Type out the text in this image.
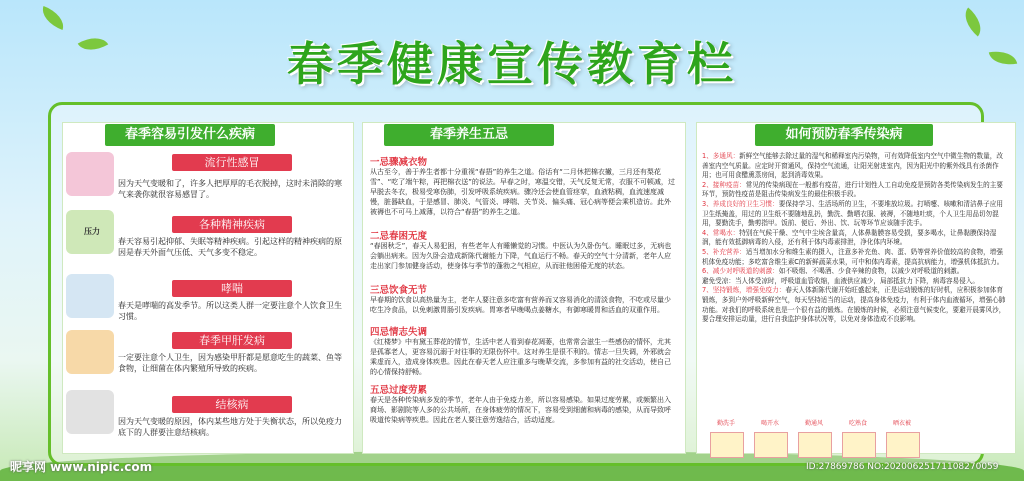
春季健康宣传教育栏
春季容易引发什么疾病
流行性感冒
因为天气变暖和了，许多人把厚厚的毛衣脱掉，这时未消除的寒气来袭你就很容易感冒了。
压力
各种精神疾病
春天容易引起抑郁、失眠等精神疾病。引起这样的精神疾病的原因是春天外面气压低、天气多变不稳定。
哮喘
春天是哮喘的高发季节。所以这类人群一定要注意个人饮食卫生习惯。
春季甲肝发病
一定要注意个人卫生，因为感染甲肝都是愿意吃生的蔬菜、鱼等食物，让细菌在体内繁殖所导致的疾病。
结核病
因为天气变暖的原因，体内某些地方处于失衡状态，所以免疫力底下的人群要注意结核病。
春季养生五忌
一忌骤减衣物
从古至今，善于养生者都十分重视“春捂”的养生之道。俗话有“二月休把棉衣撇，三月还有梨花雪”、“吃了端午粽，再把棉衣送”的说法。早春之时，寒温交错，天气反复无常，衣服不可顿减，过早脱去冬衣，极易受寒伤肺，引发呼吸系统疾病。骤冷还会使血管痉挛，血液粘稠，血流速度减慢，脏器缺血，于是感冒、肺炎、气管炎、哮喘、关节炎、偏头痛、冠心病等便会乘机造访。此外被褥也不可马上减薄，以符合“春捂”的养生之道。
二忌春困无度
“春困秋乏”，春天人易犯困，有些老年人有睡懒觉的习惯。中医认为久卧伤气。睡眠过多，无病也会躺出病来。因为久卧会造成新陈代谢能力下降，气血运行不畅。春天的空气十分清新，老年人应走出家门参加健身活动，使身体与季节的蓬勃之气相应，从而驻他困倦无度的状态。
三忌饮食无节
早春期的饮食以高热量为主，老年人要注意多吃富有营养而又容易消化的清淡食物，不吃或尽量少吃生冷食品，以免刺激胃肠引发疾病。胃寒者早晚喝点姜糖水，有御寒暖胃和活血的双重作用。
四忌情志失调
《红楼梦》中有黛玉葬花的情节，生活中老人看到春花凋萎，也常常会滋生一些感伤的情怀，尤其是孤寡老人，更容易沉溺于对往事的无限伤怀中。这对养生是很不利的。情志一旦失调，外邪就会乘虚而入，造成身体疾患。因此在春天老人应注重多与晚辈交流，多参加有益的社交活动，使自己的心情保持舒畅。
五忌过度劳累
春天是各种传染病多发的季节，老年人由于免疫力差，所以容易感染。如果过度劳累，或频繁出入商场、影剧院等人多的公共场所，在身体疲劳的情况下，容易受到细菌和病毒的感染，从而导致呼吸道传染病等疾患。因此在老人要注意劳逸结合，活动适度。
如何预防春季传染病
1、多通风：新鲜空气能够去除过量的湿气和稀释室内污染物，可有效降低室内空气中微生物的数量，改善室内空气质量。应定时开窗通风，保持空气流通，让阳光射进室内，因为阳光中的紫外线具有杀菌作用；也可用食醋熏蒸房间，起到消毒效果。
2、接种疫苗：常见的传染病现在一般都有疫苗，进行计划性人工自动免疫是预防各类传染病发生的主要环节，预防性疫苗是阻击传染病发生的最佳积极手段。
3、养成良好的卫生习惯：要保持学习、生活场所的卫生，不要堆放垃圾。打喷嚏、咳嗽和清洁鼻子应用卫生纸掩盖，用过的卫生纸不要随地乱扔，勤洗、勤晒衣服、被褥，不随地吐痰，个人卫生用品切勿混用，要勤洗手，勤剪指甲。饭前、便后、外出、饮、玩等环节应该随手洗手。
4、常喝水：特别在气候干燥、空气中尘埃含量高，人体鼻黏膜容易受损，要多喝水，让鼻黏膜保持湿润，能有效抵御病毒的入侵，还有利于体内毒素排泄，净化体内环境。
5、补充营养：适当增加水分和维生素的摄入，注意多补充鱼、肉、蛋、奶等营养价值较高的食物，增强机体免疫功能；多吃富含维生素C的新鲜蔬菜水果，可中和体内毒素，提高抗病能力，增强机体抵抗力。
6、减少对呼吸道的刺激：如不吸烟、不喝酒、少食辛辣的食物，以减少对呼吸道的刺激。
避免受凉：当人体受凉时，呼吸道血管收缩，血液供应减少，局部抵抗力下降，病毒容易侵入。
7、坚持锻炼，增强免疫力：春天人体新陈代谢开始旺盛起来，正是运动锻炼的好时机，应积极参加体育锻炼，多到户外呼吸新鲜空气，每天坚持适当的运动，提高身体免疫力，有利于体内血液循环，增强心肺功能。对我们的呼吸系统也是一个很有益的锻炼。在锻炼的时候，必须注意气候变化，要避开晨雾风沙，要合理安排运动量，进行自我监护身体状况等，以免对身体造成不良影响。
勤洗手	喝开水	勤通风	吃熟食	晒衣被
昵享网 www.nipic.com	ID:27869786 NO:20200625171108270059
